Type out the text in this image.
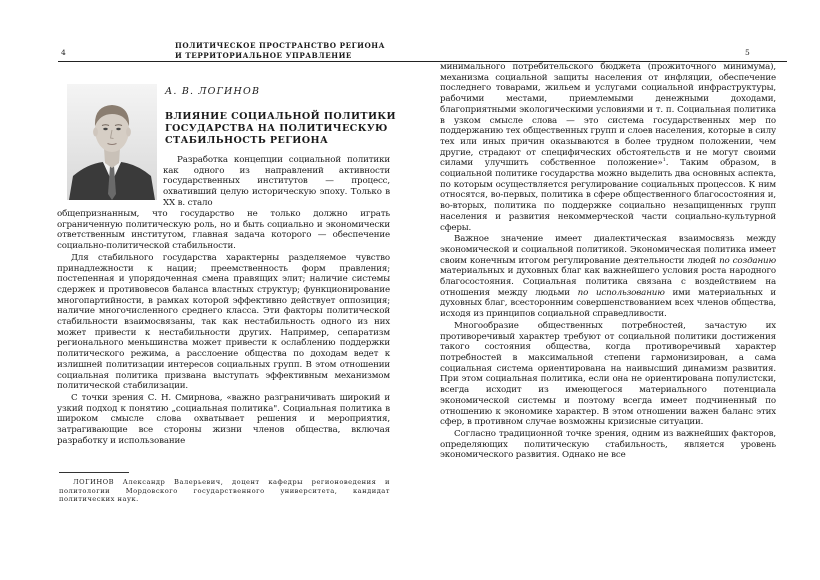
ПОЛИТИЧЕСКОЕ ПРОСТРАНСТВО РЕГИОНА
И ТЕРРИТОРИАЛЬНОЕ УПРАВЛЕНИЕ
4	5
А. В. ЛОГИНОВ
ВЛИЯНИЕ СОЦИАЛЬНОЙ ПОЛИТИКИ
ГОСУДАРСТВА НА ПОЛИТИЧЕСКУЮ
СТАБИЛЬНОСТЬ РЕГИОНА

Разработка концепции социальной политики как одного из направлений активности государственных институтов — процесс, охвативший целую историческую эпоху. Только в XX в. стало

общепризнанным, что государство не только должно играть ограниченную политическую роль, но и быть социально и экономически ответственным институтом, главная задача которого — обеспечение социально-политической стабильности.

Для стабильного государства характерны разделяемое чувство принадлежности к нации; преемственность форм правления; постепенная и упорядоченная смена правящих элит; наличие системы сдержек и противовесов баланса властных структур; функционирование многопартийности, в рамках которой эффективно действует оппозиция; наличие многочисленного среднего класса. Эти факторы политической стабильности взаимосвязаны, так как нестабильность одного из них может привести к нестабильности других. Например, сепаратизм регионального меньшинства может привести к ослаблению поддержки политического режима, а расслоение общества по доходам ведет к излишней политизации интересов социальных групп. В этом отношении социальная политика призвана выступать эффективным механизмом политической стабилизации.

С точки зрения С. Н. Смирнова, «важно разграничивать широкий и узкий подход к понятию „социальная политика". Социальная политика в широком смысле слова охватывает решения и мероприятия, затрагивающие все стороны жизни членов общества, включая разработку и использование

ЛОГИНОВ Александр Валерьевич, доцент кафедры регионоведения и политологии Мордовского государственного университета, кандидат политических наук.

минимального потребительского бюджета (прожиточного минимума), механизма социальной защиты населения от инфляции, обеспечение последнего товарами, жильем и услугами социальной инфраструктуры, рабочими местами, приемлемыми денежными доходами, благоприятными экологическими условиями и т. п. Социальная политика в узком смысле слова — это система государственных мер по поддержанию тех общественных групп и слоев населения, которые в силу тех или иных причин оказываются в более трудном положении, чем другие, страдают от специфических обстоятельств и не могут своими силами улучшить собственное положение»$^1$. Таким образом, в социальной политике государства можно выделить два основных аспекта, по которым осуществляется регулирование социальных процессов. К ним относятся, во-первых, политика в сфере общественного благосостояния и, во-вторых, политика по поддержке социально незащищенных групп населения и развития некоммерческой части социально-культурной сферы.

Важное значение имеет диалектическая взаимосвязь между экономической и социальной политикой. Экономическая политика имеет своим конечным итогом регулирование деятельности людей по созданию материальных и духовных благ как важнейшего условия роста народного благосостояния. Социальная политика связана с воздействием на отношения между людьми по использованию ими материальных и духовных благ, всесторонним совершенствованием всех членов общества, исходя из принципов социальной справедливости.

Многообразие общественных потребностей, зачастую их противоречивый характер требуют от социальной политики достижения такого состояния общества, когда противоречивый характер потребностей в максимальной степени гармонизирован, а сама социальная система ориентирована на наивысший динамизм развития. При этом социальная политика, если она не ориентирована популистски, всегда исходит из имеющегося материального потенциала экономической системы и поэтому всегда имеет подчиненный по отношению к экономике характер. В этом отношении важен баланс этих сфер, в противном случае возможны кризисные ситуации.

Согласно традиционной точке зрения, одним из важнейших факторов, определяющих политическую стабильность, является уровень экономического развития. Однако не все
